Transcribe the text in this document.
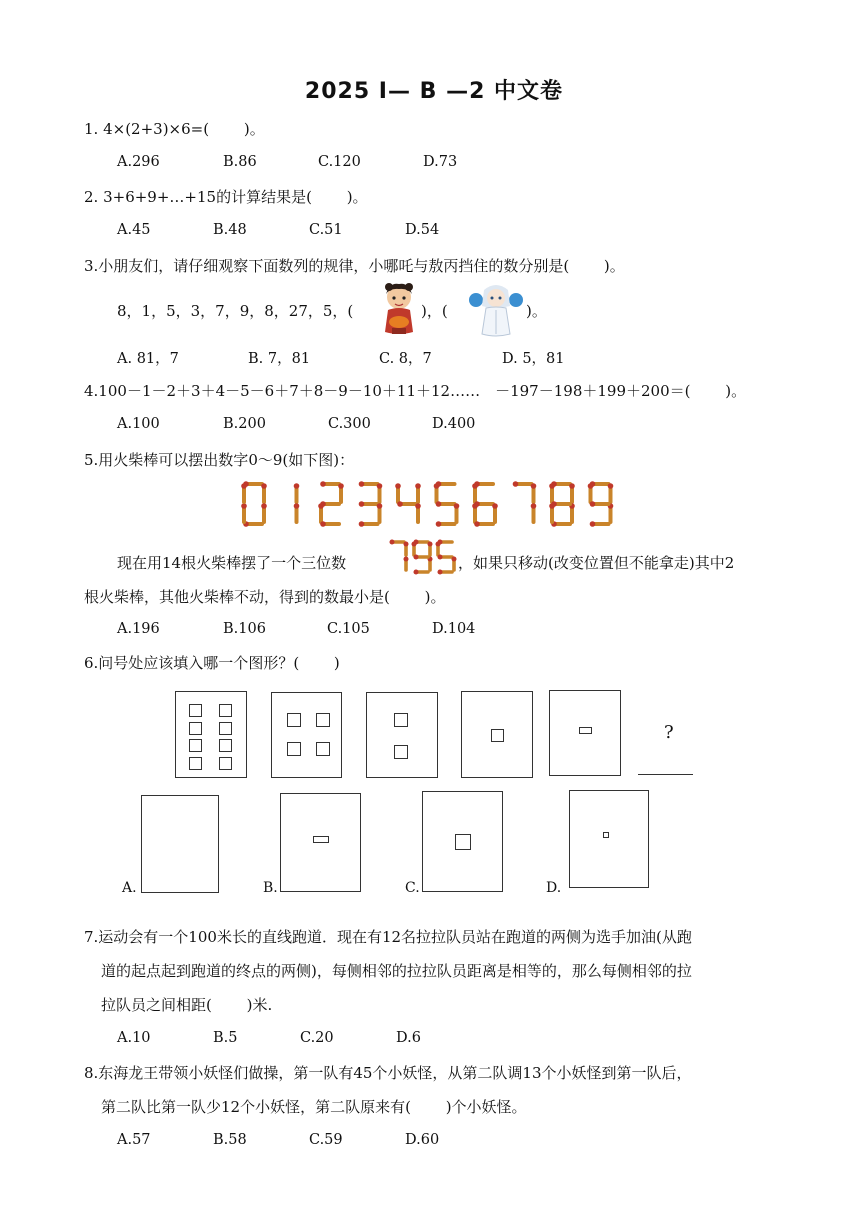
2025 Ⅰ— B —2 中文卷
1. 4×(2+3)×6=(　　 )。
A.296	B.86	C.120	D.73
2. 3+6+9+…+15的计算结果是(　　 )。
A.45	B.48	C.51	D.54
3.小朋友们，请仔细观察下面数列的规律，小哪吒与敖丙挡住的数分别是(　　 )。
8，1，5，3，7，9，8，27，5，(	)，(	)。
A. 81，7	B. 7，81	C. 8，7	D. 5，81
4.100－1－2＋3＋4－5－6＋7＋8－9－10＋11＋12……　－197－198＋199＋200＝(　　 )。
A.100	B.200	C.300	D.400
5.用火柴棒可以摆出数字0～9(如下图)：
现在用14根火柴棒摆了一个三位数	，如果只移动(改变位置但不能拿走)其中2
根火柴棒，其他火柴棒不动，得到的数最小是(　　 )。
A.196	B.106	C.105	D.104
6.问号处应该填入哪一个图形？(　　 )
?
A.	B.	C.	D.
7.运动会有一个100米长的直线跑道．现在有12名拉拉队员站在跑道的两侧为选手加油(从跑
道的起点起到跑道的终点的两侧)，每侧相邻的拉拉队员距离是相等的，那么每侧相邻的拉
拉队员之间相距(　　 )米.
A.10	B.5	C.20	D.6
8.东海龙王带领小妖怪们做操，第一队有45个小妖怪，从第二队调13个小妖怪到第一队后，
第二队比第一队少12个小妖怪，第二队原来有(　　 )个小妖怪。
A.57	B.58	C.59	D.60
